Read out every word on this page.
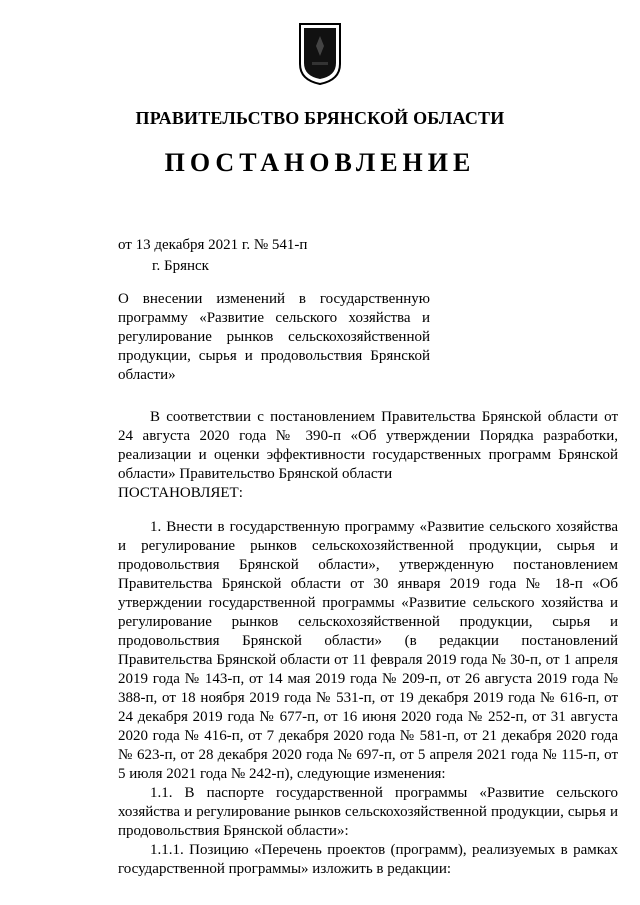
ПРАВИТЕЛЬСТВО БРЯНСКОЙ ОБЛАСТИ
ПОСТАНОВЛЕНИЕ
от 13 декабря 2021 г. № 541-п
г. Брянск

О внесении изменений в государственную программу «Развитие сельского хозяйства и регулирование рынков сельскохозяйственной продукции, сырья и продовольствия Брянской области»

В соответствии с постановлением Правительства Брянской области от 24 августа 2020 года № 390-п «Об утверждении Порядка разработки, реализации и оценки эффективности государственных программ Брянской области» Правительство Брянской области

ПОСТАНОВЛЯЕТ:

1. Внести в государственную программу «Развитие сельского хозяйства и регулирование рынков сельскохозяйственной продукции, сырья и продовольствия Брянской области», утвержденную постановлением Правительства Брянской области от 30 января 2019 года № 18-п «Об утверждении государственной программы «Развитие сельского хозяйства и регулирование рынков сельскохозяйственной продукции, сырья и продовольствия Брянской области» (в редакции постановлений Правительства Брянской области от 11 февраля 2019 года № 30-п, от 1 апреля 2019 года № 143-п, от 14 мая 2019 года № 209-п, от 26 августа 2019 года № 388-п, от 18 ноября 2019 года № 531-п, от 19 декабря 2019 года № 616-п, от 24 декабря 2019 года № 677-п, от 16 июня 2020 года № 252-п, от 31 августа 2020 года № 416-п, от 7 декабря 2020 года № 581-п, от 21 декабря 2020 года № 623-п, от 28 декабря 2020 года № 697-п, от 5 апреля 2021 года № 115-п, от 5 июля 2021 года № 242-п), следующие изменения:

1.1. В паспорте государственной программы «Развитие сельского хозяйства и регулирование рынков сельскохозяйственной продукции, сырья и продовольствия Брянской области»:

1.1.1. Позицию «Перечень проектов (программ), реализуемых в рамках государственной программы» изложить в редакции:
